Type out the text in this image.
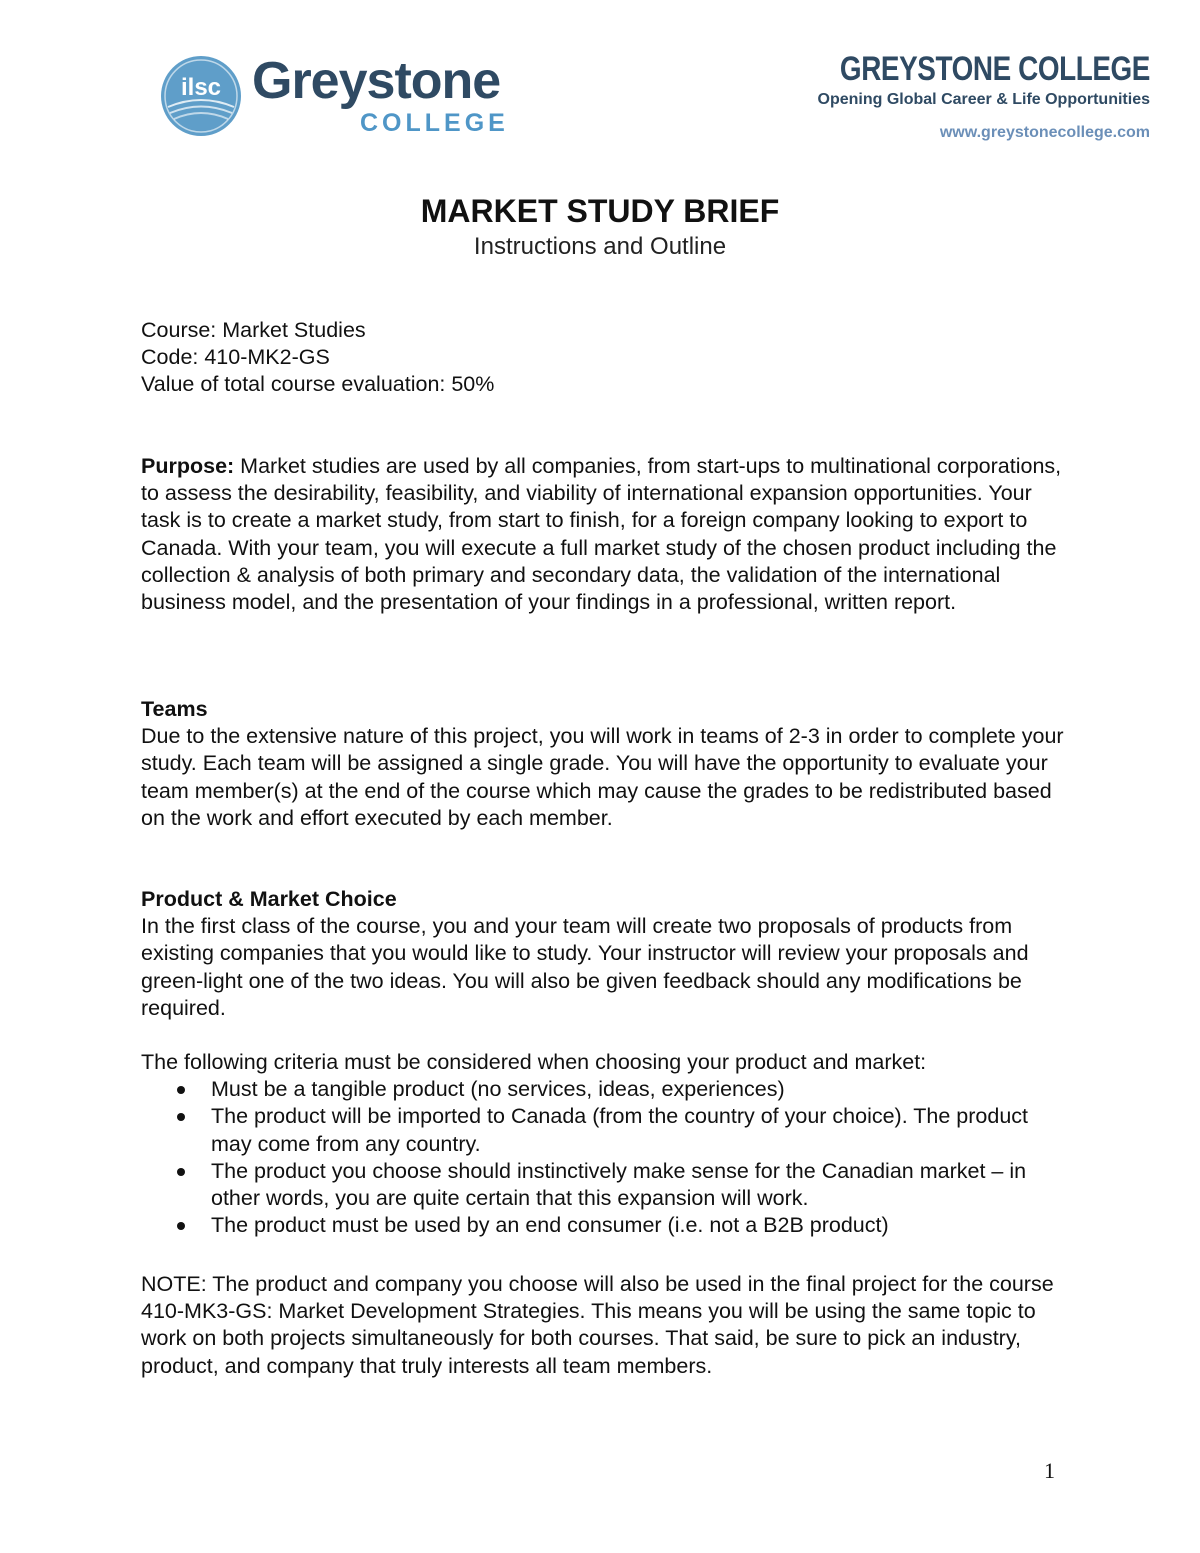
ilsc Greystone
COLLEGE
GREYSTONE COLLEGE
Opening Global Career & Life Opportunities
www.greystonecollege.com
MARKET STUDY BRIEF
Instructions and Outline

Course: Market Studies

Code: 410-MK2-GS

Value of total course evaluation: 50%

Purpose: Market studies are used by all companies, from start-ups to multinational corporations, to assess the desirability, feasibility, and viability of international expansion opportunities. Your task is to create a market study, from start to finish, for a foreign company looking to export to Canada. With your team, you will execute a full market study of the chosen product including the collection & analysis of both primary and secondary data, the validation of the international business model, and the presentation of your findings in a professional, written report.

Teams

Due to the extensive nature of this project, you will work in teams of 2-3 in order to complete your study. Each team will be assigned a single grade. You will have the opportunity to evaluate your team member(s) at the end of the course which may cause the grades to be redistributed based on the work and effort executed by each member.

Product & Market Choice

In the first class of the course, you and your team will create two proposals of products from existing companies that you would like to study. Your instructor will review your proposals and green-light one of the two ideas. You will also be given feedback should any modifications be required.

The following criteria must be considered when choosing your product and market:

Must be a tangible product (no services, ideas, experiences)
The product will be imported to Canada (from the country of your choice). The product may come from any country.
The product you choose should instinctively make sense for the Canadian market – in other words, you are quite certain that this expansion will work.
The product must be used by an end consumer (i.e. not a B2B product)

NOTE: The product and company you choose will also be used in the final project for the course 410-MK3-GS: Market Development Strategies. This means you will be using the same topic to work on both projects simultaneously for both courses. That said, be sure to pick an industry, product, and company that truly interests all team members.

1
